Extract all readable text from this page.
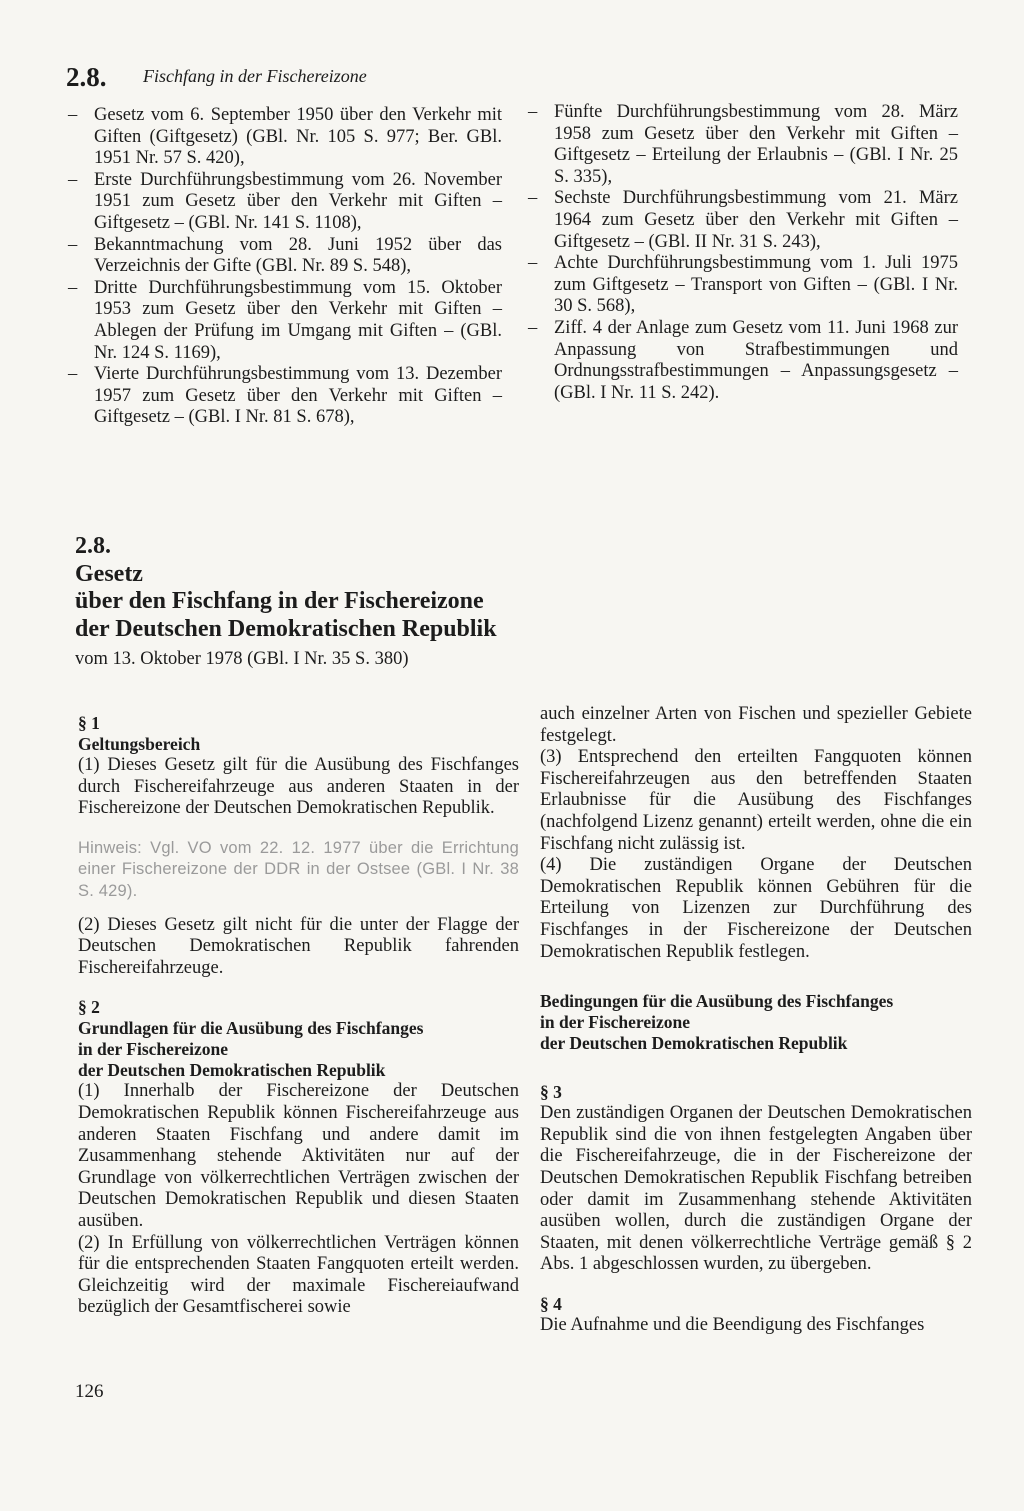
2.8. Fischfang in der Fischereizone
– Gesetz vom 6. September 1950 über den Verkehr mit Giften (Giftgesetz) (GBl. Nr. 105 S. 977; Ber. GBl. 1951 Nr. 57 S. 420),
– Erste Durchführungsbestimmung vom 26. November 1951 zum Gesetz über den Verkehr mit Giften – Giftgesetz – (GBl. Nr. 141 S. 1108),
– Bekanntmachung vom 28. Juni 1952 über das Verzeichnis der Gifte (GBl. Nr. 89 S. 548),
– Dritte Durchführungsbestimmung vom 15. Oktober 1953 zum Gesetz über den Verkehr mit Giften – Ablegen der Prüfung im Umgang mit Giften – (GBl. Nr. 124 S. 1169),
– Vierte Durchführungsbestimmung vom 13. Dezember 1957 zum Gesetz über den Verkehr mit Giften – Giftgesetz – (GBl. I Nr. 81 S. 678),
– Fünfte Durchführungsbestimmung vom 28. März 1958 zum Gesetz über den Verkehr mit Giften – Giftgesetz – Erteilung der Erlaubnis – (GBl. I Nr. 25 S. 335),
– Sechste Durchführungsbestimmung vom 21. März 1964 zum Gesetz über den Verkehr mit Giften – Giftgesetz – (GBl. II Nr. 31 S. 243),
– Achte Durchführungsbestimmung vom 1. Juli 1975 zum Giftgesetz – Transport von Giften – (GBl. I Nr. 30 S. 568),
– Ziff. 4 der Anlage zum Gesetz vom 11. Juni 1968 zur Anpassung von Strafbestimmungen und Ordnungsstrafbestimmungen – Anpassungsgesetz – (GBl. I Nr. 11 S. 242).
2.8.
Gesetz
über den Fischfang in der Fischereizone
der Deutschen Demokratischen Republik
vom 13. Oktober 1978 (GBl. I Nr. 35 S. 380)
§ 1
Geltungsbereich

(1) Dieses Gesetz gilt für die Ausübung des Fischfanges durch Fischereifahrzeuge aus anderen Staaten in der Fischereizone der Deutschen Demokratischen Republik.

Hinweis: Vgl. VO vom 22. 12. 1977 über die Errichtung einer Fischereizone der DDR in der Ostsee (GBl. I Nr. 38 S. 429).

(2) Dieses Gesetz gilt nicht für die unter der Flagge der Deutschen Demokratischen Republik fahrenden Fischereifahrzeuge.

§ 2
Grundlagen für die Ausübung des Fischfanges
in der Fischereizone
der Deutschen Demokratischen Republik

(1) Innerhalb der Fischereizone der Deutschen Demokratischen Republik können Fischereifahrzeuge aus anderen Staaten Fischfang und andere damit im Zusammenhang stehende Aktivitäten nur auf der Grundlage von völkerrechtlichen Verträgen zwischen der Deutschen Demokratischen Republik und diesen Staaten ausüben.

(2) In Erfüllung von völkerrechtlichen Verträgen können für die entsprechenden Staaten Fangquoten erteilt werden. Gleichzeitig wird der maximale Fischereiaufwand bezüglich der Gesamtfischerei sowie

auch einzelner Arten von Fischen und spezieller Gebiete festgelegt.

(3) Entsprechend den erteilten Fangquoten können Fischereifahrzeugen aus den betreffenden Staaten Erlaubnisse für die Ausübung des Fischfanges (nachfolgend Lizenz genannt) erteilt werden, ohne die ein Fischfang nicht zulässig ist.

(4) Die zuständigen Organe der Deutschen Demokratischen Republik können Gebühren für die Erteilung von Lizenzen zur Durchführung des Fischfanges in der Fischereizone der Deutschen Demokratischen Republik festlegen.

Bedingungen für die Ausübung des Fischfanges
in der Fischereizone
der Deutschen Demokratischen Republik
§ 3

Den zuständigen Organen der Deutschen Demokratischen Republik sind die von ihnen festgelegten Angaben über die Fischereifahrzeuge, die in der Fischereizone der Deutschen Demokratischen Republik Fischfang betreiben oder damit im Zusammenhang stehende Aktivitäten ausüben wollen, durch die zuständigen Organe der Staaten, mit denen völkerrechtliche Verträge gemäß § 2 Abs. 1 abgeschlossen wurden, zu übergeben.

§ 4

Die Aufnahme und die Beendigung des Fischfanges

126
